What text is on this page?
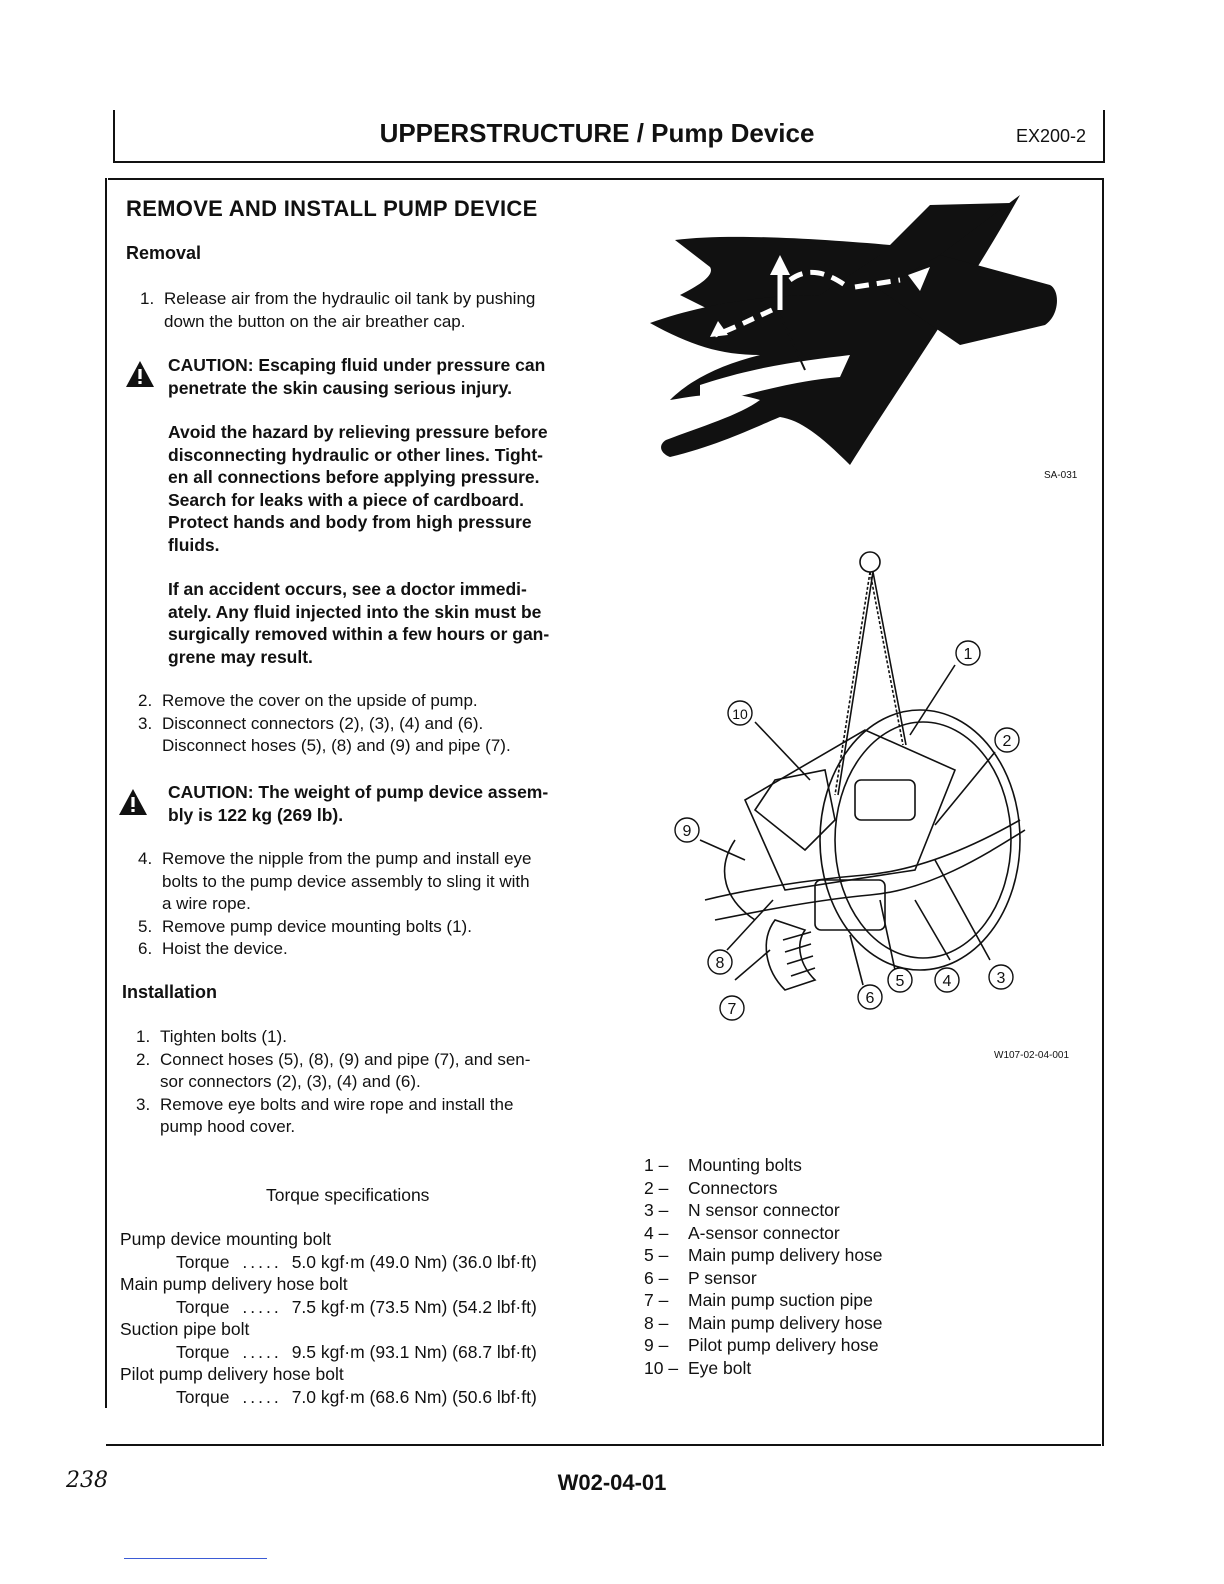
UPPERSTRUCTURE / Pump Device	EX200-2
REMOVE AND INSTALL PUMP DEVICE
Removal
1. Release air from the hydraulic oil tank by pushing
down the button on the air breather cap.
CAUTION: Escaping fluid under pressure can
penetrate the skin causing serious injury.
Avoid the hazard by relieving pressure before
disconnecting hydraulic or other lines. Tight-
en all connections before applying pressure.
Search for leaks with a piece of cardboard.
Protect hands and body from high pressure
fluids.
If an accident occurs, see a doctor immedi-
ately. Any fluid injected into the skin must be
surgically removed within a few hours or gan-
grene may result.
2. Remove the cover on the upside of pump.
3. Disconnect connectors (2), (3), (4) and (6).
Disconnect hoses (5), (8) and (9) and pipe (7).
CAUTION: The weight of pump device assem-
bly is 122 kg (269 lb).
4. Remove the nipple from the pump and install eye
bolts to the pump device assembly to sling it with
a wire rope.
5. Remove pump device mounting bolts (1).
6. Hoist the device.
Installation
1. Tighten bolts (1).
2. Connect hoses (5), (8), (9) and pipe (7), and sen-
sor connectors (2), (3), (4) and (6).
3. Remove eye bolts and wire rope and install the
pump hood cover.
Torque specifications
Pump device mounting bolt
Torque ..... 5.0 kgf·m (49.0 Nm) (36.0 lbf·ft)
Main pump delivery hose bolt
Torque ..... 7.5 kgf·m (73.5 Nm) (54.2 lbf·ft)
Suction pipe bolt
Torque ..... 9.5 kgf·m (93.1 Nm) (68.7 lbf·ft)
Pilot pump delivery hose bolt
Torque ..... 7.0 kgf·m (68.6 Nm) (50.6 lbf·ft)
SA-031
1
2
3
4
5
6
7
8
9
10
W107-02-04-001
1 –	Mounting bolts
2 –	Connectors
3 –	N sensor connector
4 –	A-sensor connector
5 –	Main pump delivery hose
6 –	P sensor
7 –	Main pump suction pipe
8 –	Main pump delivery hose
9 –	Pilot pump delivery hose
10 – Eye bolt
238	W02-04-01
